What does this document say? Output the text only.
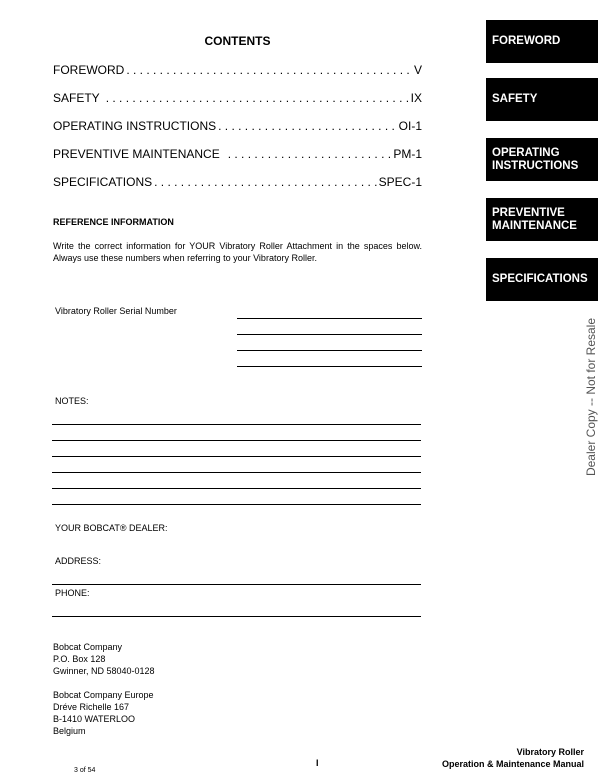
CONTENTS
FOREWORD . . .	V
SAFETY . . .	IX
OPERATING INSTRUCTIONS . . .	OI-1
PREVENTIVE MAINTENANCE . . .	PM-1
SPECIFICATIONS . . .	SPEC-1
REFERENCE INFORMATION
Write the correct information for YOUR Vibratory Roller Attachment in the spaces below. Always use these numbers when referring to your Vibratory Roller.
Vibratory Roller Serial Number
NOTES:
YOUR BOBCAT® DEALER:
ADDRESS:
PHONE:
Bobcat Company
P.O. Box 128
Gwinner, ND 58040-0128
Bobcat Company Europe
Dréve Richelle 167
B-1410 WATERLOO
Belgium
FOREWORD
SAFETY
OPERATING INSTRUCTIONS
PREVENTIVE MAINTENANCE
SPECIFICATIONS
Dealer Copy -- Not for Resale
3 of 54
I
Vibratory Roller
Operation & Maintenance Manual
